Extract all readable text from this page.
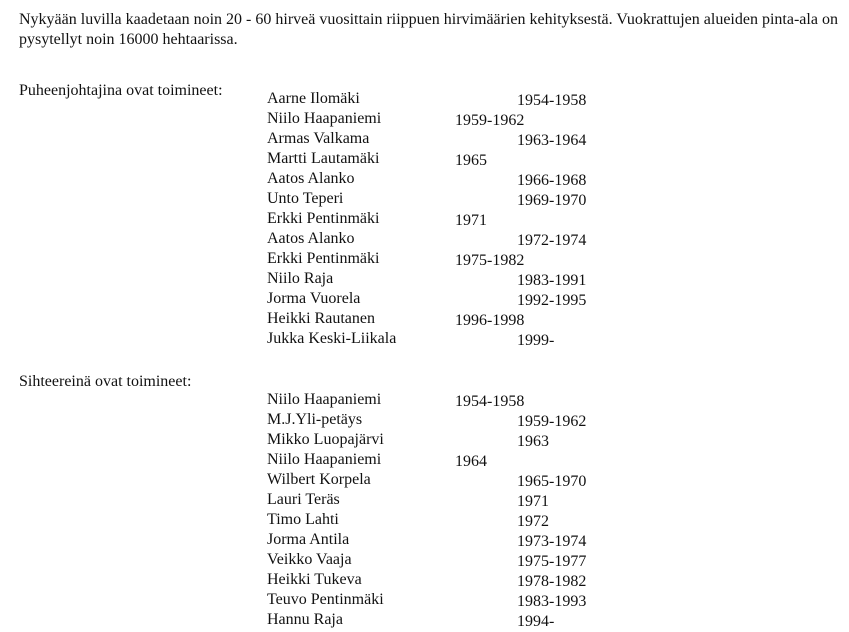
Nykyään luvilla kaadetaan noin 20 - 60 hirveä vuosittain riippuen hirvimäärien kehityksestä. Vuokrattujen alueiden pinta-ala on pysytellyt noin 16000 hehtaarissa.

Puheenjohtajina ovat toimineet:	Aarne Ilomäki	1954-1958
Niilo Haapaniemi	1959-1962
Armas Valkama	1963-1964
Martti Lautamäki	1965
Aatos Alanko	1966-1968
Unto Teperi	1969-1970
Erkki Pentinmäki	1971
Aatos Alanko	1972-1974
Erkki Pentinmäki	1975-1982
Niilo Raja	1983-1991
Jorma Vuorela	1992-1995
Heikki Rautanen	1996-1998
Jukka Keski-Liikala	1999-
Sihteereinä ovat toimineet:
Niilo Haapaniemi	1954-1958
M.J.Yli-petäys	1959-1962
Mikko Luopajärvi	1963
Niilo Haapaniemi	1964
Wilbert Korpela	1965-1970
Lauri Teräs	1971
Timo Lahti	1972
Jorma Antila	1973-1974
Veikko Vaaja	1975-1977
Heikki Tukeva	1978-1982
Teuvo Pentinmäki	1983-1993
Hannu Raja	1994-
